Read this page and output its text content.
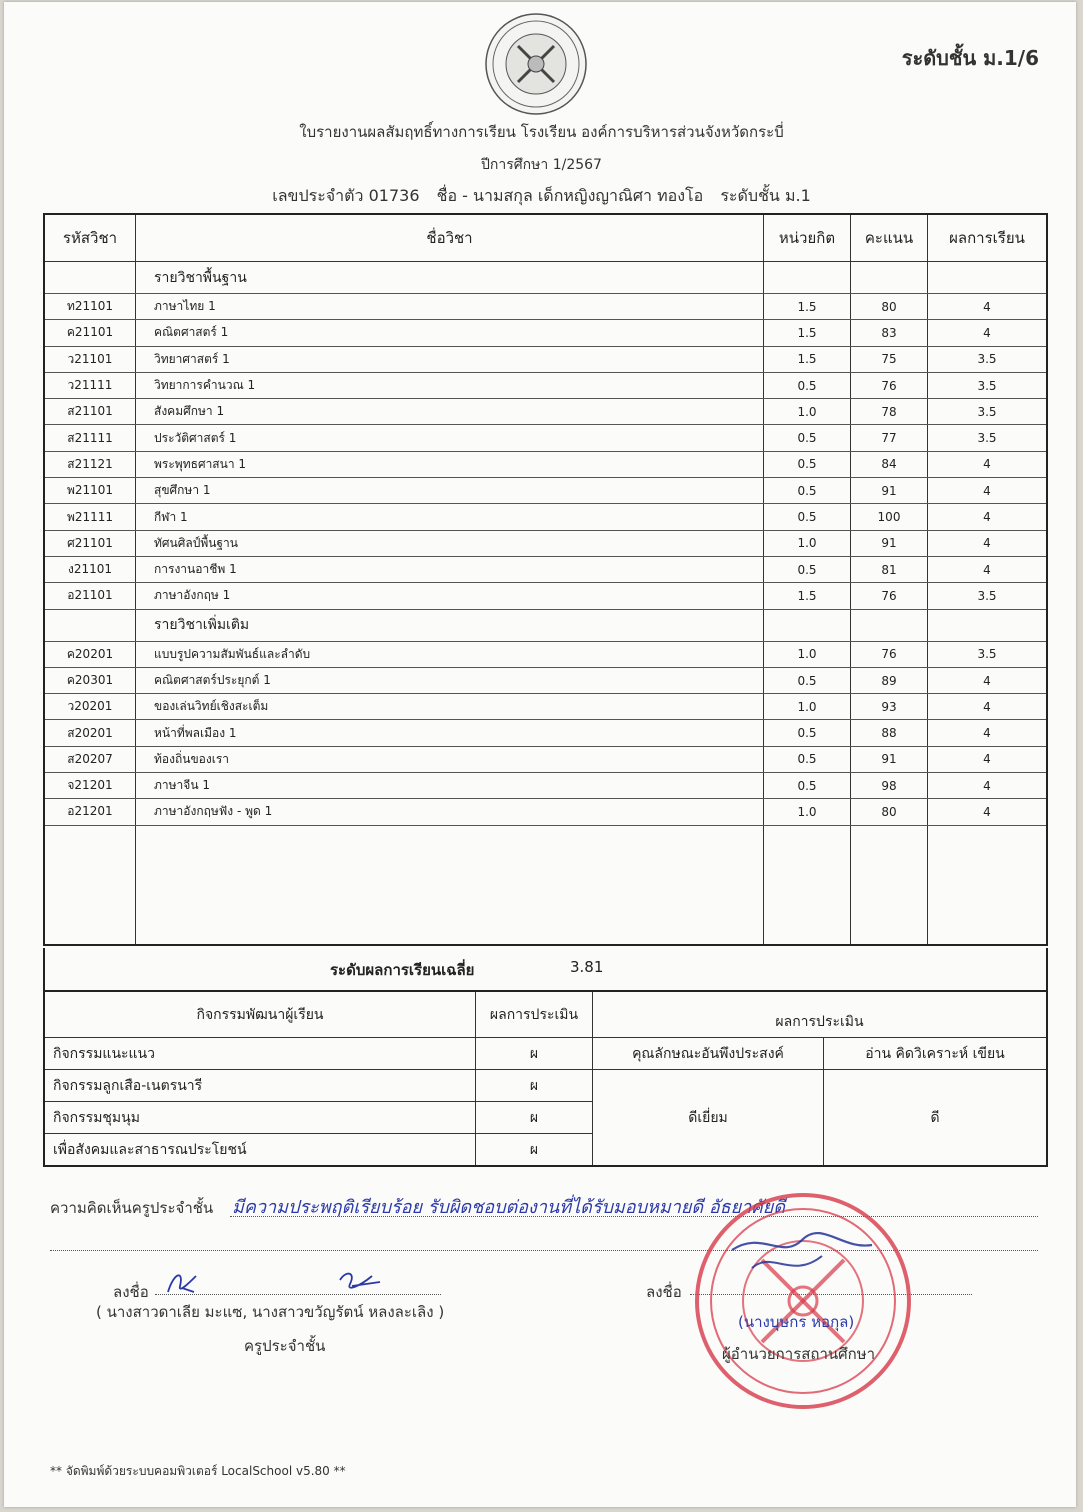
ระดับชั้น ม.1/6
ใบรายงานผลสัมฤทธิ์ทางการเรียน โรงเรียน องค์การบริหารส่วนจังหวัดกระบี่
ปีการศึกษา 1/2567
เลขประจำตัว 01736 ชื่อ - นามสกุล เด็กหญิงญาณิศา ทองโอ ระดับชั้น ม.1
รหัสวิชา	ชื่อวิชา	หน่วยกิต	คะแนน	ผลการเรียน
	รายวิชาพื้นฐาน			
ท21101	ภาษาไทย 1	1.5	80	4
ค21101	คณิตศาสตร์ 1	1.5	83	4
ว21101	วิทยาศาสตร์ 1	1.5	75	3.5
ว21111	วิทยาการคำนวณ 1	0.5	76	3.5
ส21101	สังคมศึกษา 1	1.0	78	3.5
ส21111	ประวัติศาสตร์ 1	0.5	77	3.5
ส21121	พระพุทธศาสนา 1	0.5	84	4
พ21101	สุขศึกษา 1	0.5	91	4
พ21111	กีฬา 1	0.5	100	4
ศ21101	ทัศนศิลป์พื้นฐาน	1.0	91	4
ง21101	การงานอาชีพ 1	0.5	81	4
อ21101	ภาษาอังกฤษ 1	1.5	76	3.5
	รายวิชาเพิ่มเติม			
ค20201	แบบรูปความสัมพันธ์และลำดับ	1.0	76	3.5
ค20301	คณิตศาสตร์ประยุกต์ 1	0.5	89	4
ว20201	ของเล่นวิทย์เชิงสะเต็ม	1.0	93	4
ส20201	หน้าที่พลเมือง 1	0.5	88	4
ส20207	ท้องถิ่นของเรา	0.5	91	4
จ21201	ภาษาจีน 1	0.5	98	4
อ21201	ภาษาอังกฤษฟัง - พูด 1	1.0	80	4

ระดับผลการเรียนเฉลี่ย	3.81
กิจกรรมพัฒนาผู้เรียน	ผลการประเมิน	ผลการประเมิน	
กิจกรรมแนะแนว	ผ	คุณลักษณะอันพึงประสงค์	อ่าน คิดวิเคราะห์ เขียน
กิจกรรมลูกเสือ-เนตรนารี	ผ	ดีเยี่ยม	ดี
กิจกรรมชุมนุม	ผ		
เพื่อสังคมและสาธารณประโยชน์	ผ		
ความคิดเห็นครูประจำชั้น มีความประพฤติเรียบร้อย รับผิดชอบต่องานที่ได้รับมอบหมายดี อัธยาศัยดี
ลงชื่อ
( นางสาวดาเลีย มะแซ, นางสาวขวัญรัตน์ หลงละเลิง )
ครูประจำชั้น
ลงชื่อ
(นางบุษกร หอกุล)
ผู้อำนวยการสถานศึกษา
** จัดพิมพ์ด้วยระบบคอมพิวเตอร์ LocalSchool v5.80 **
